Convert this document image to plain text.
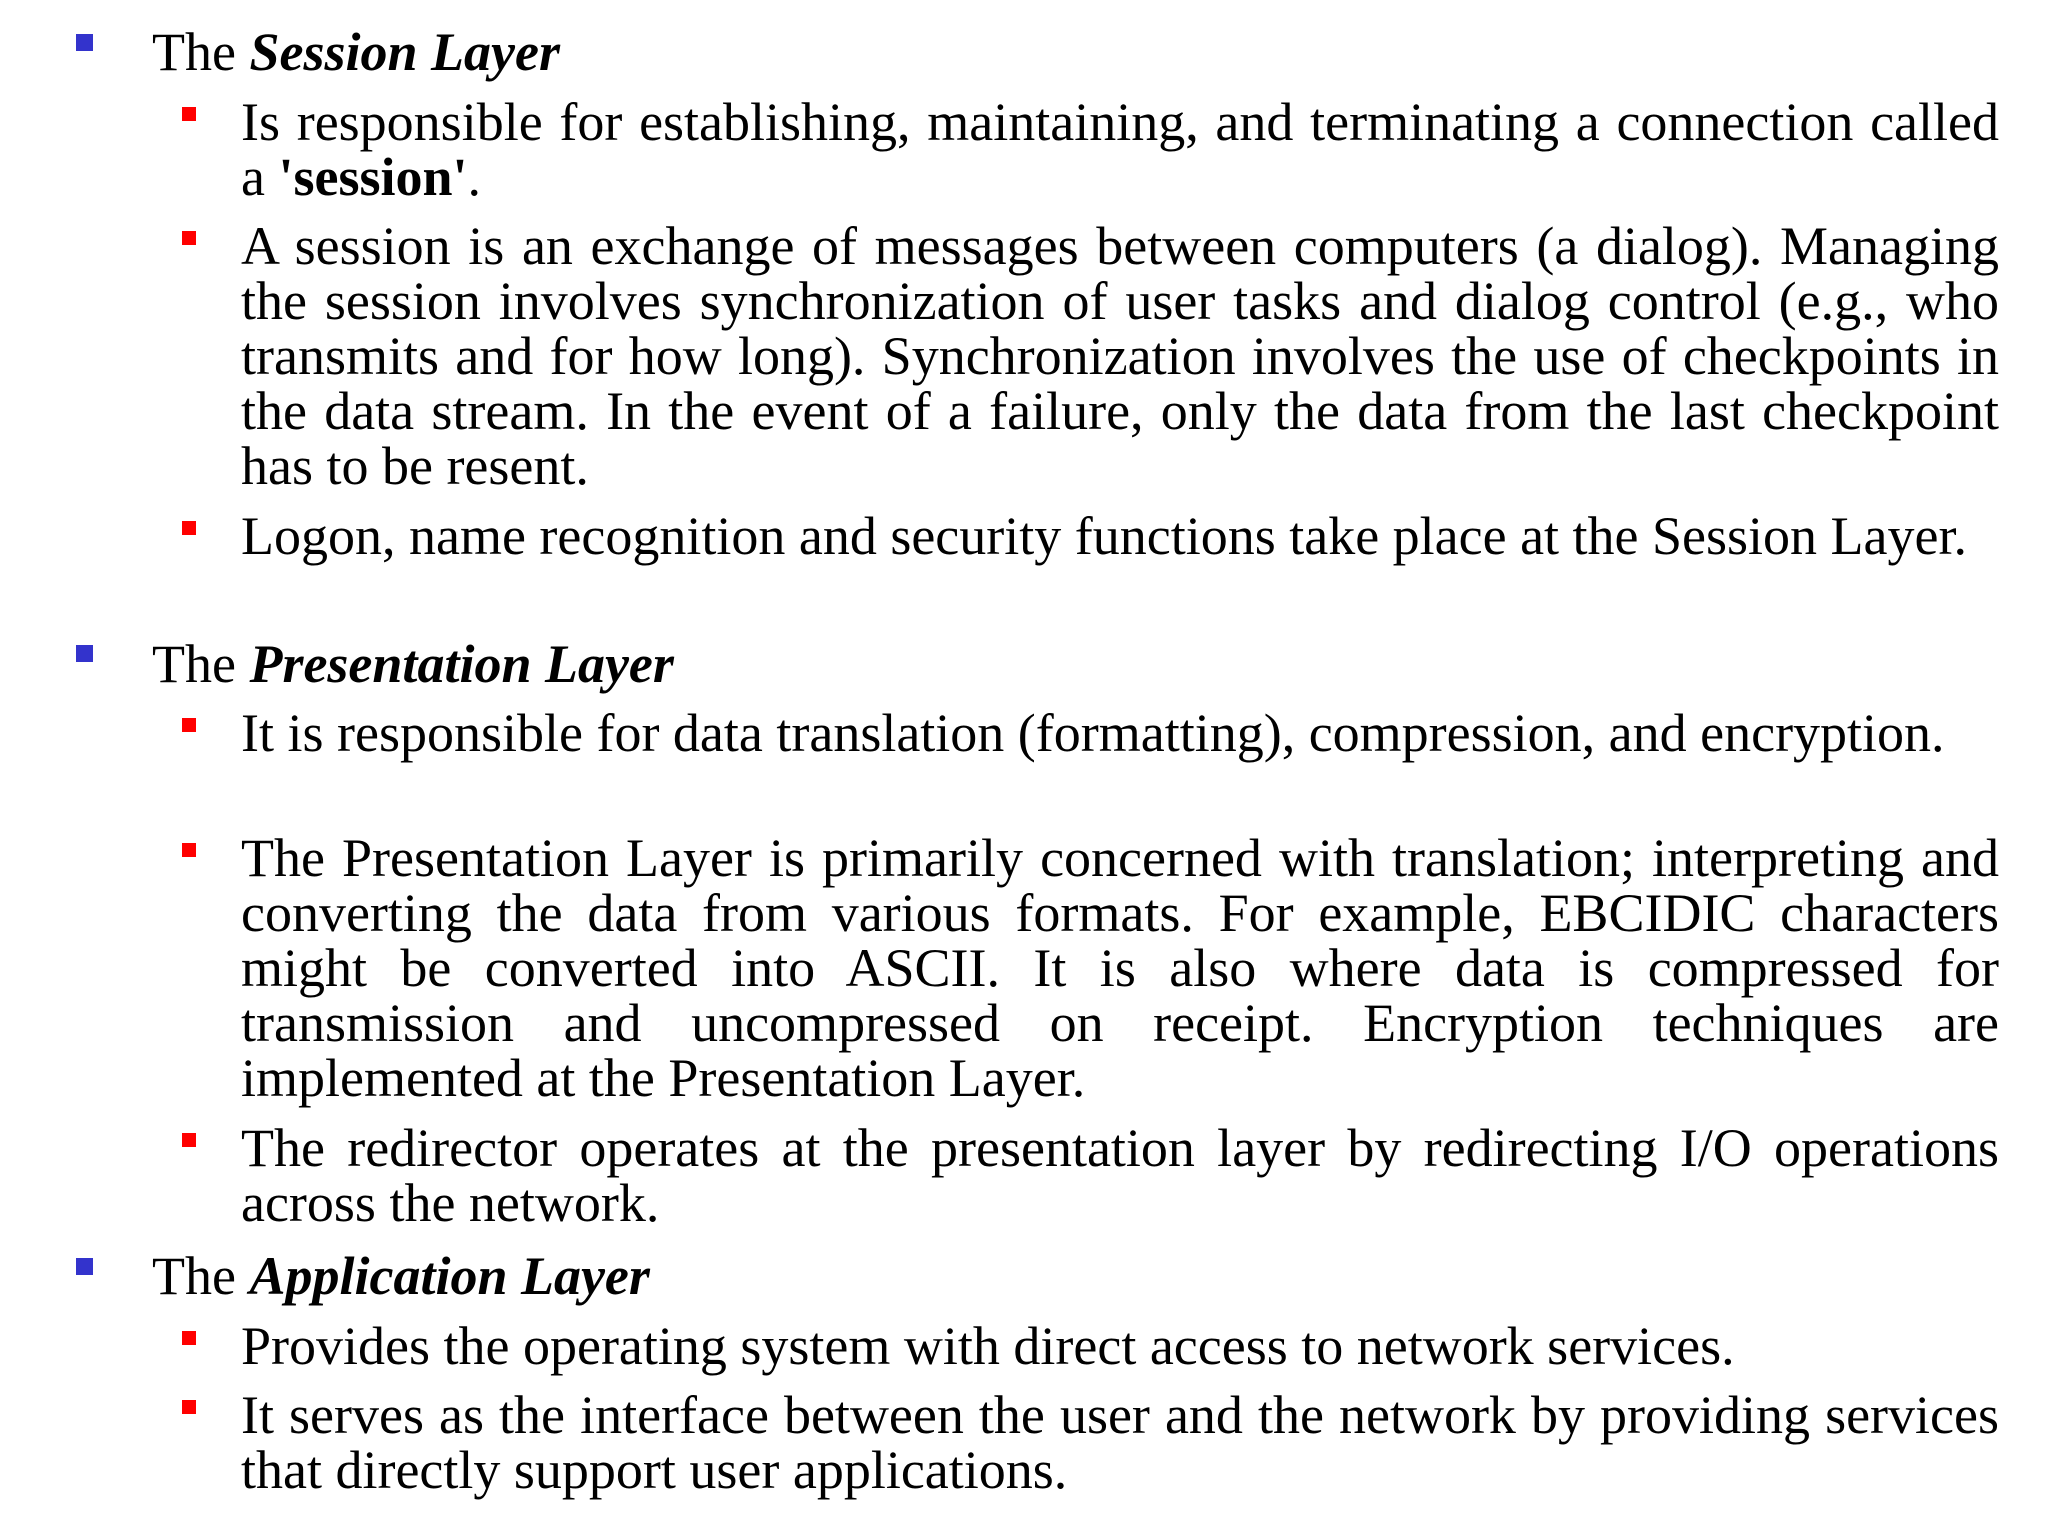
The Session Layer
Is responsible for establishing, maintaining, and terminating a connection called a 'session'.
A session is an exchange of messages between computers (a dialog). Managing the session involves synchronization of user tasks and dialog control (e.g., who transmits and for how long). Synchronization involves the use of checkpoints in the data stream. In the event of a failure, only the data from the last checkpoint has to be resent.
Logon, name recognition and security functions take place at the Session Layer.
The Presentation Layer
It is responsible for data translation (formatting), compression, and encryption.
The Presentation Layer is primarily concerned with translation; interpreting and converting the data from various formats. For example, EBCIDIC characters might be converted into ASCII. It is also where data is compressed for transmission and uncompressed on receipt. Encryption techniques are implemented at the Presentation Layer.
The redirector operates at the presentation layer by redirecting I/O operations across the network.
The Application Layer
Provides the operating system with direct access to network services.
It serves as the interface between the user and the network by providing services that directly support user applications.
